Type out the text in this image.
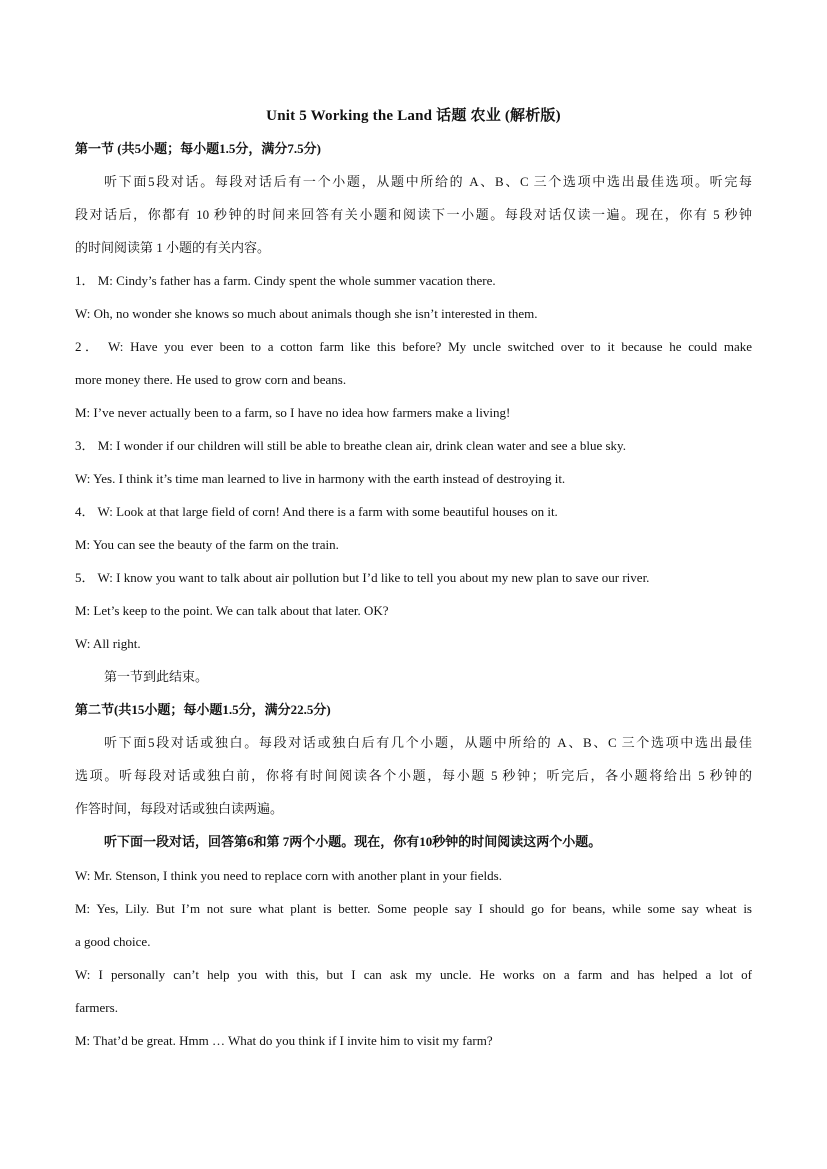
Unit 5 Working the Land 话题 农业 (解析版)
第一节 (共5小题；每小题1.5分，满分7.5分)
听下面5段对话。每段对话后有一个小题，从题中所给的 A、B、C 三个选项中选出最佳选项。听完每
段对话后，你都有 10 秒钟的时间来回答有关小题和阅读下一小题。每段对话仅读一遍。现在，你有 5 秒钟
的时间阅读第 1 小题的有关内容。
1． M: Cindy’s father has a farm. Cindy spent the whole summer vacation there.
W: Oh, no wonder she knows so much about animals though she isn’t interested in them.
2． W: Have you ever been to a cotton farm like this before? My uncle switched over to it because he could make
more money there. He used to grow corn and beans.
M: I’ve never actually been to a farm, so I have no idea how farmers make a living!
3． M: I wonder if our children will still be able to breathe clean air, drink clean water and see a blue sky.
W: Yes. I think it’s time man learned to live in harmony with the earth instead of destroying it.
4． W: Look at that large field of corn! And there is a farm with some beautiful houses on it.
M: You can see the beauty of the farm on the train.
5． W: I know you want to talk about air pollution but I’d like to tell you about my new plan to save our river.
M: Let’s keep to the point. We can talk about that later. OK?
W: All right.
第一节到此结束。
第二节(共15小题；每小题1.5分，满分22.5分)
听下面5段对话或独白。每段对话或独白后有几个小题，从题中所给的 A、B、C 三个选项中选出最佳
选项。听每段对话或独白前，你将有时间阅读各个小题，每小题 5 秒钟；听完后，各小题将给出 5 秒钟的
作答时间，每段对话或独白读两遍。
听下面一段对话，回答第6和第 7两个小题。现在，你有10秒钟的时间阅读这两个小题。
W: Mr. Stenson, I think you need to replace corn with another plant in your fields.
M: Yes, Lily. But I’m not sure what plant is better. Some people say I should go for beans, while some say wheat is
a good choice.
W: I personally can’t help you with this, but I can ask my uncle. He works on a farm and has helped a lot of
farmers.
M: That’d be great. Hmm … What do you think if I invite him to visit my farm?
